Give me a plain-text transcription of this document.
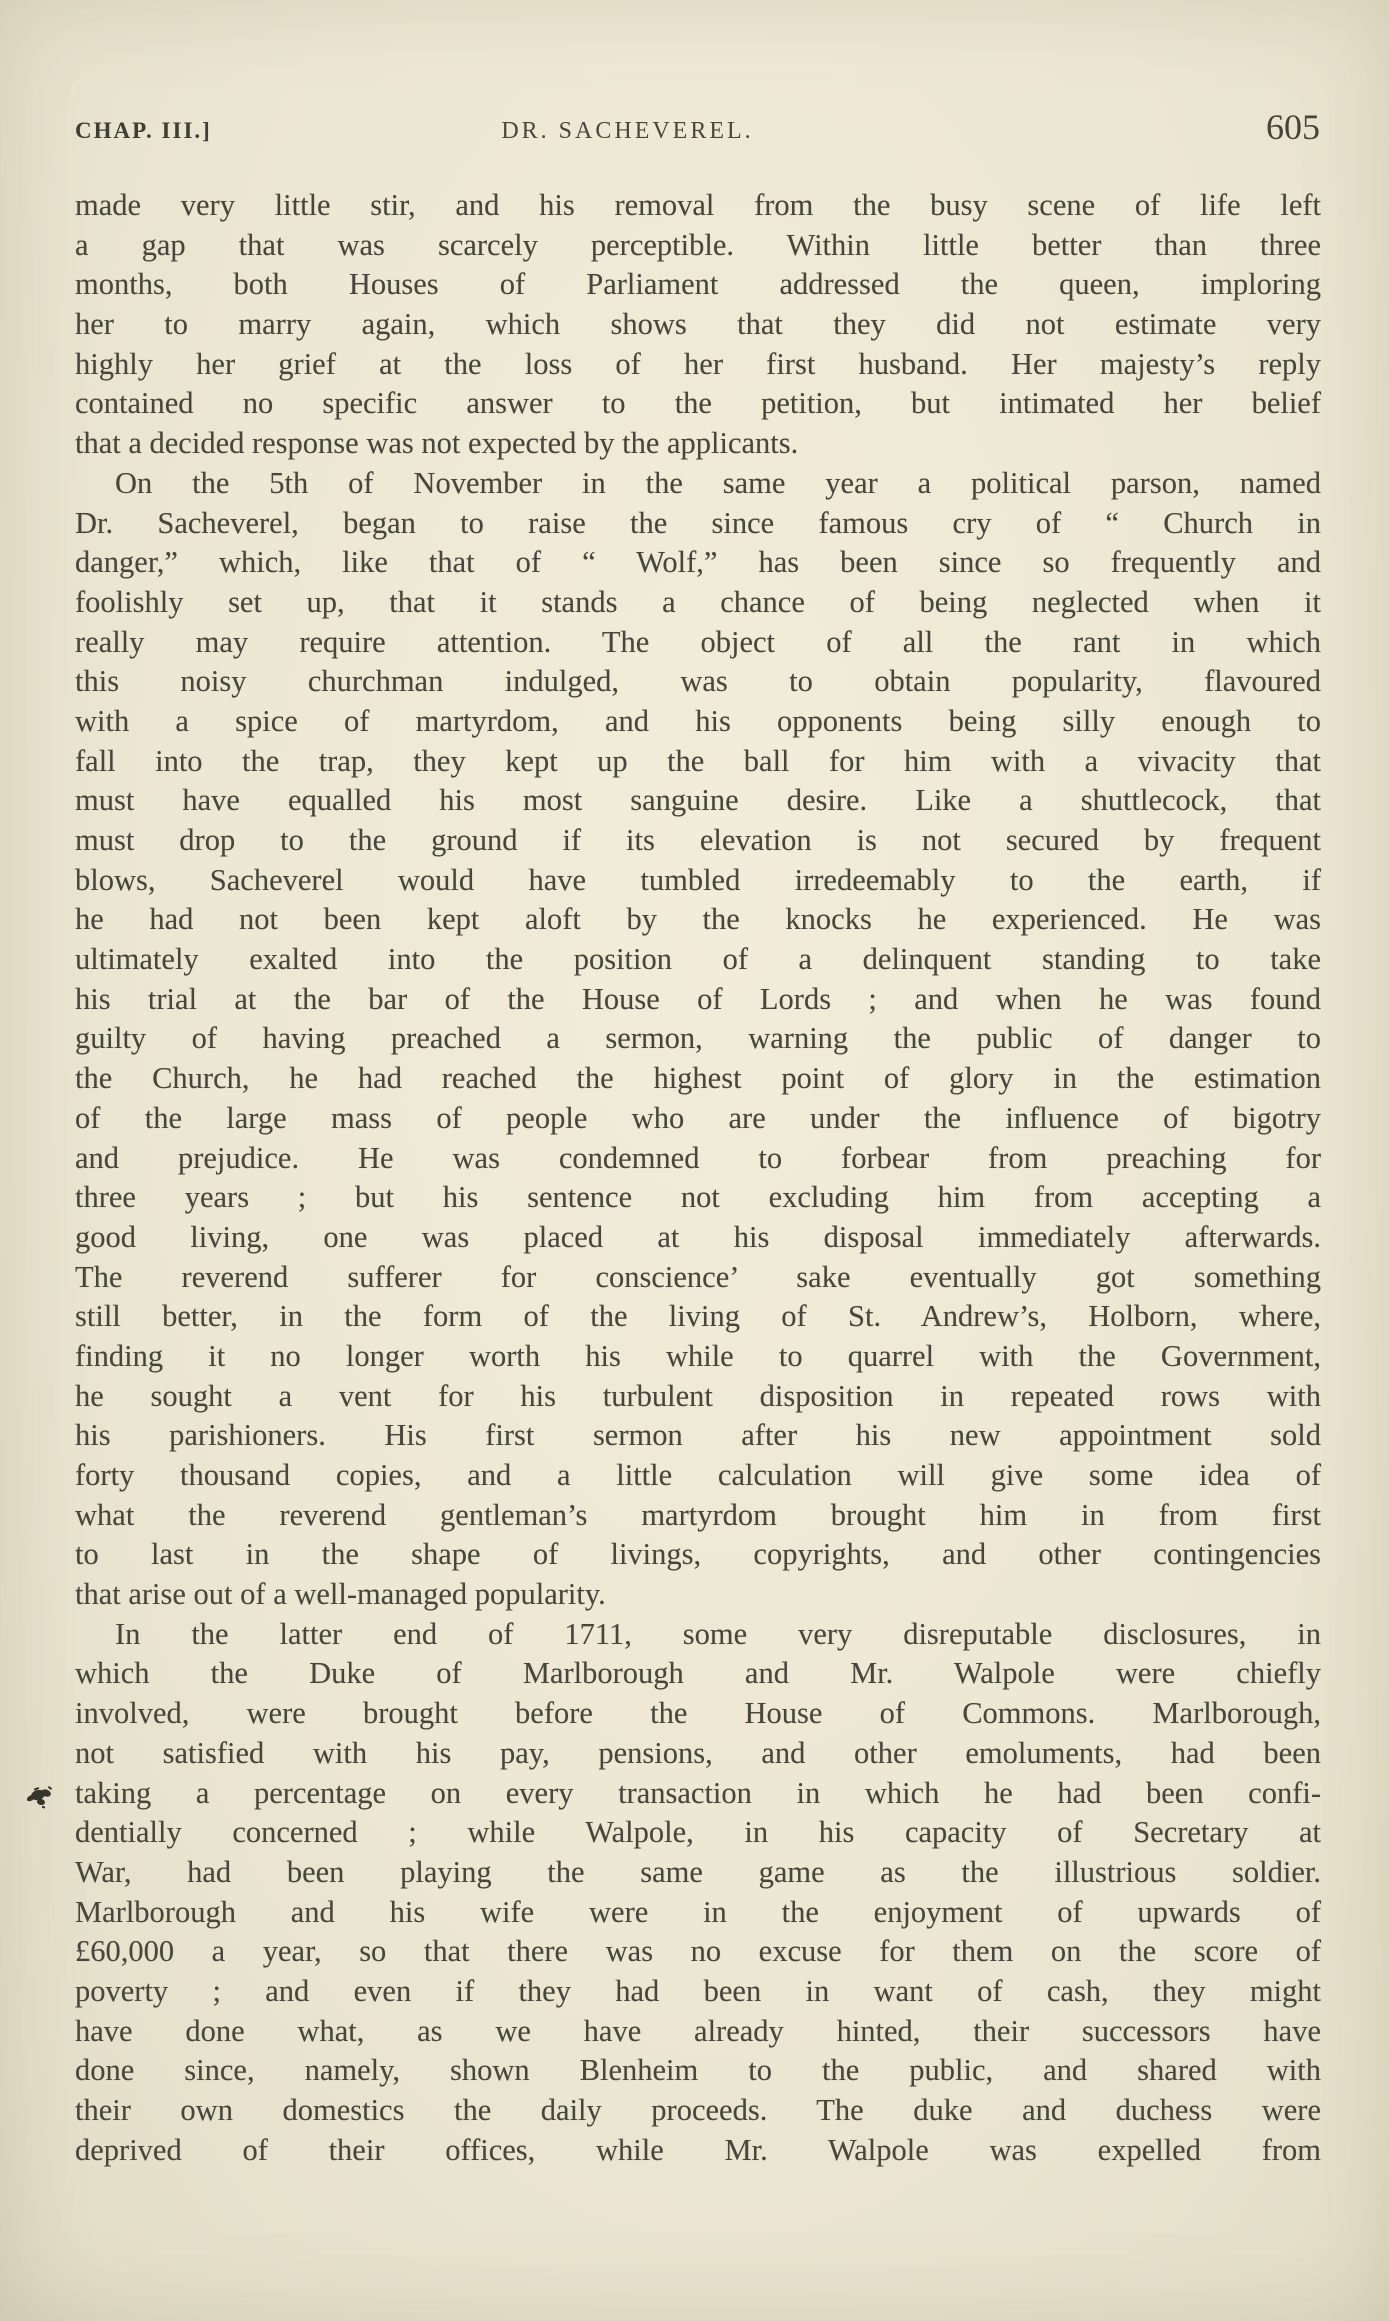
CHAP. III.]	DR. SACHEVEREL.	605
made very little stir, and his removal from the busy scene of life left
a gap that was scarcely perceptible. Within little better than three
months, both Houses of Parliament addressed the queen, imploring
her to marry again, which shows that they did not estimate very
highly her grief at the loss of her first husband. Her majesty’s reply
contained no specific answer to the petition, but intimated her belief
that a decided response was not expected by the applicants.
On the 5th of November in the same year a political parson, named
Dr. Sacheverel, began to raise the since famous cry of “ Church in
danger,” which, like that of “ Wolf,” has been since so frequently and
foolishly set up, that it stands a chance of being neglected when it
really may require attention. The object of all the rant in which
this noisy churchman indulged, was to obtain popularity, flavoured
with a spice of martyrdom, and his opponents being silly enough to
fall into the trap, they kept up the ball for him with a vivacity that
must have equalled his most sanguine desire. Like a shuttlecock, that
must drop to the ground if its elevation is not secured by frequent
blows, Sacheverel would have tumbled irredeemably to the earth, if
he had not been kept aloft by the knocks he experienced. He was
ultimately exalted into the position of a delinquent standing to take
his trial at the bar of the House of Lords ; and when he was found
guilty of having preached a sermon, warning the public of danger to
the Church, he had reached the highest point of glory in the estimation
of the large mass of people who are under the influence of bigotry
and prejudice. He was condemned to forbear from preaching for
three years ; but his sentence not excluding him from accepting a
good living, one was placed at his disposal immediately afterwards.
The reverend sufferer for conscience’ sake eventually got something
still better, in the form of the living of St. Andrew’s, Holborn, where,
finding it no longer worth his while to quarrel with the Government,
he sought a vent for his turbulent disposition in repeated rows with
his parishioners. His first sermon after his new appointment sold
forty thousand copies, and a little calculation will give some idea of
what the reverend gentleman’s martyrdom brought him in from first
to last in the shape of livings, copyrights, and other contingencies
that arise out of a well-managed popularity.
In the latter end of 1711, some very disreputable disclosures, in
which the Duke of Marlborough and Mr. Walpole were chiefly
involved, were brought before the House of Commons. Marlborough,
not satisfied with his pay, pensions, and other emoluments, had been
taking a percentage on every transaction in which he had been confi-
dentially concerned ; while Walpole, in his capacity of Secretary at
War, had been playing the same game as the illustrious soldier.
Marlborough and his wife were in the enjoyment of upwards of
£60,000 a year, so that there was no excuse for them on the score of
poverty ; and even if they had been in want of cash, they might
have done what, as we have already hinted, their successors have
done since, namely, shown Blenheim to the public, and shared with
their own domestics the daily proceeds. The duke and duchess were
deprived of their offices, while Mr. Walpole was expelled from
